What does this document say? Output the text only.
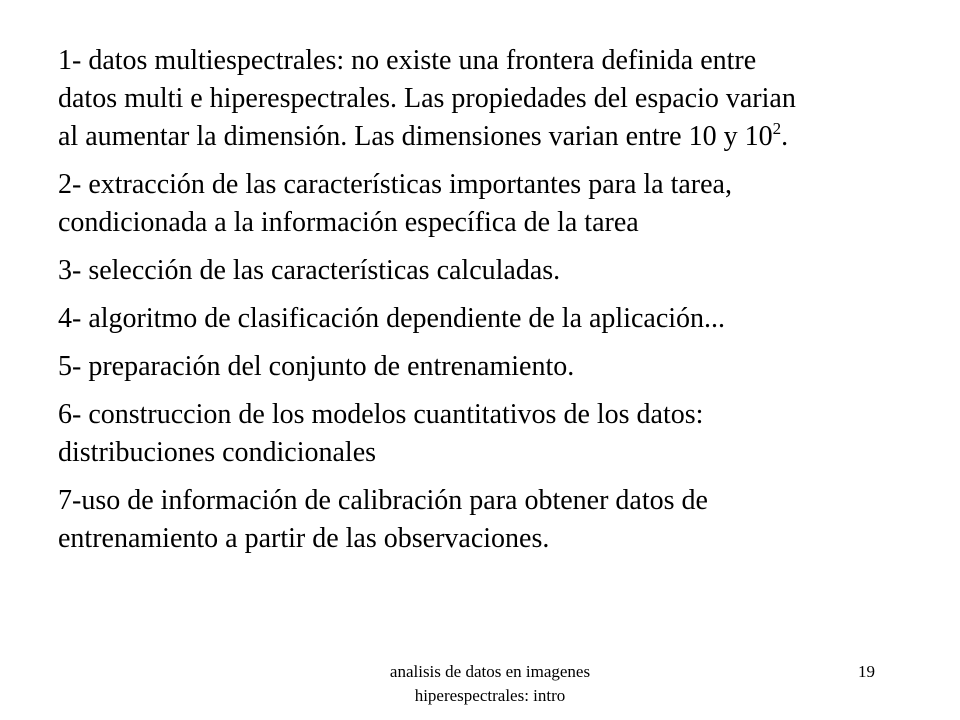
1- datos multiespectrales: no existe una frontera definida entre
datos multi e hiperespectrales. Las propiedades del espacio varian
al aumentar la dimensión. Las dimensiones varian entre 10 y $10^2$.
2- extracción de las características importantes para la tarea,
condicionada a la información específica de la tarea
3- selección de las características calculadas.
4- algoritmo de clasificación dependiente de la aplicación...
5- preparación del conjunto de entrenamiento.
6- construccion de los modelos cuantitativos de los datos:
distribuciones condicionales
7-uso de información de calibración para obtener datos de
entrenamiento a partir de las observaciones.
analisis de datos en imagenes
hiperespectrales: intro
19
